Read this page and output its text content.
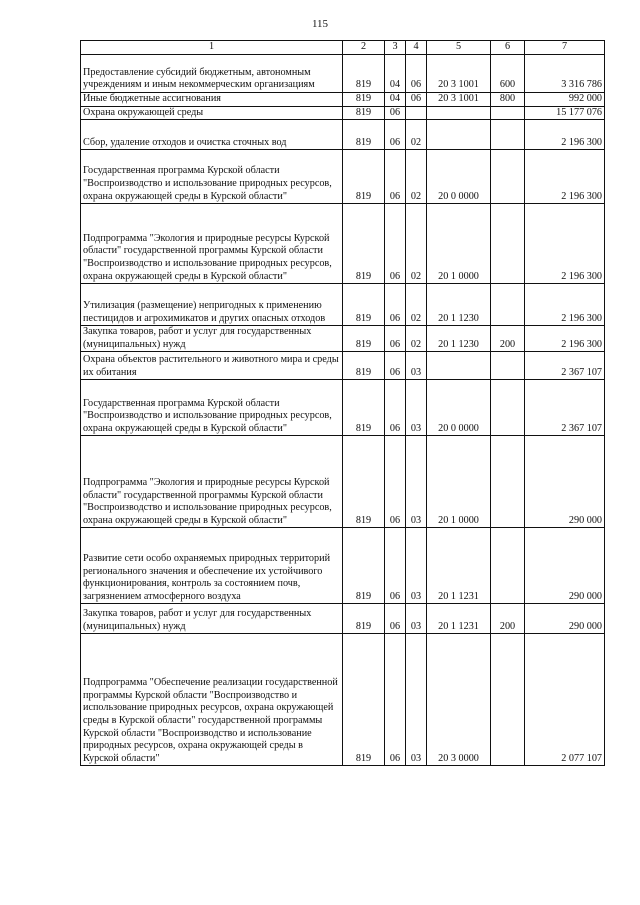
115
1	2	3	4	5	6	7
Предоставление субсидий бюджетным, автономным учреждениям и иным некоммерческим организациям	819	04	06	20 3 1001	600	3 316 786
Иные бюджетные ассигнования	819	04	06	20 3 1001	800	992 000
Охрана окружающей среды	819	06				15 177 076
Сбор, удаление отходов и очистка сточных вод	819	06	02			2 196 300
Государственная программа Курской области "Воспроизводство и использование природных ресурсов, охрана окружающей среды в Курской области"	819	06	02	20 0 0000		2 196 300
Подпрограмма "Экология и природные ресурсы Курской области" государственной программы Курской области "Воспроизводство и использование природных ресурсов, охрана окружающей среды в Курской области"	819	06	02	20 1 0000		2 196 300
Утилизация (размещение) непригодных к применению пестицидов и агрохимикатов и других опасных отходов	819	06	02	20 1 1230		2 196 300
Закупка товаров, работ и услуг для государственных (муниципальных) нужд	819	06	02	20 1 1230	200	2 196 300
Охрана объектов растительного и животного мира и среды их обитания	819	06	03			2 367 107
Государственная программа Курской области "Воспроизводство и использование природных ресурсов, охрана окружающей среды в Курской области"	819	06	03	20 0 0000		2 367 107
Подпрограмма "Экология и природные ресурсы Курской области" государственной программы Курской области "Воспроизводство и использование природных ресурсов, охрана окружающей среды в Курской области"	819	06	03	20 1 0000		290 000
Развитие сети особо охраняемых природных территорий регионального значения и обеспечение их устойчивого функционирования, контроль за состоянием почв, загрязнением атмосферного воздуха	819	06	03	20 1 1231		290 000
Закупка товаров, работ и услуг для государственных (муниципальных) нужд	819	06	03	20 1 1231	200	290 000
Подпрограмма "Обеспечение реализации государственной программы Курской области "Воспроизводство и использование природных ресурсов, охрана окружающей среды в Курской области" государственной программы Курской области "Воспроизводство и использование природных ресурсов, охрана окружающей среды в Курской области"	819	06	03	20 3 0000		2 077 107
